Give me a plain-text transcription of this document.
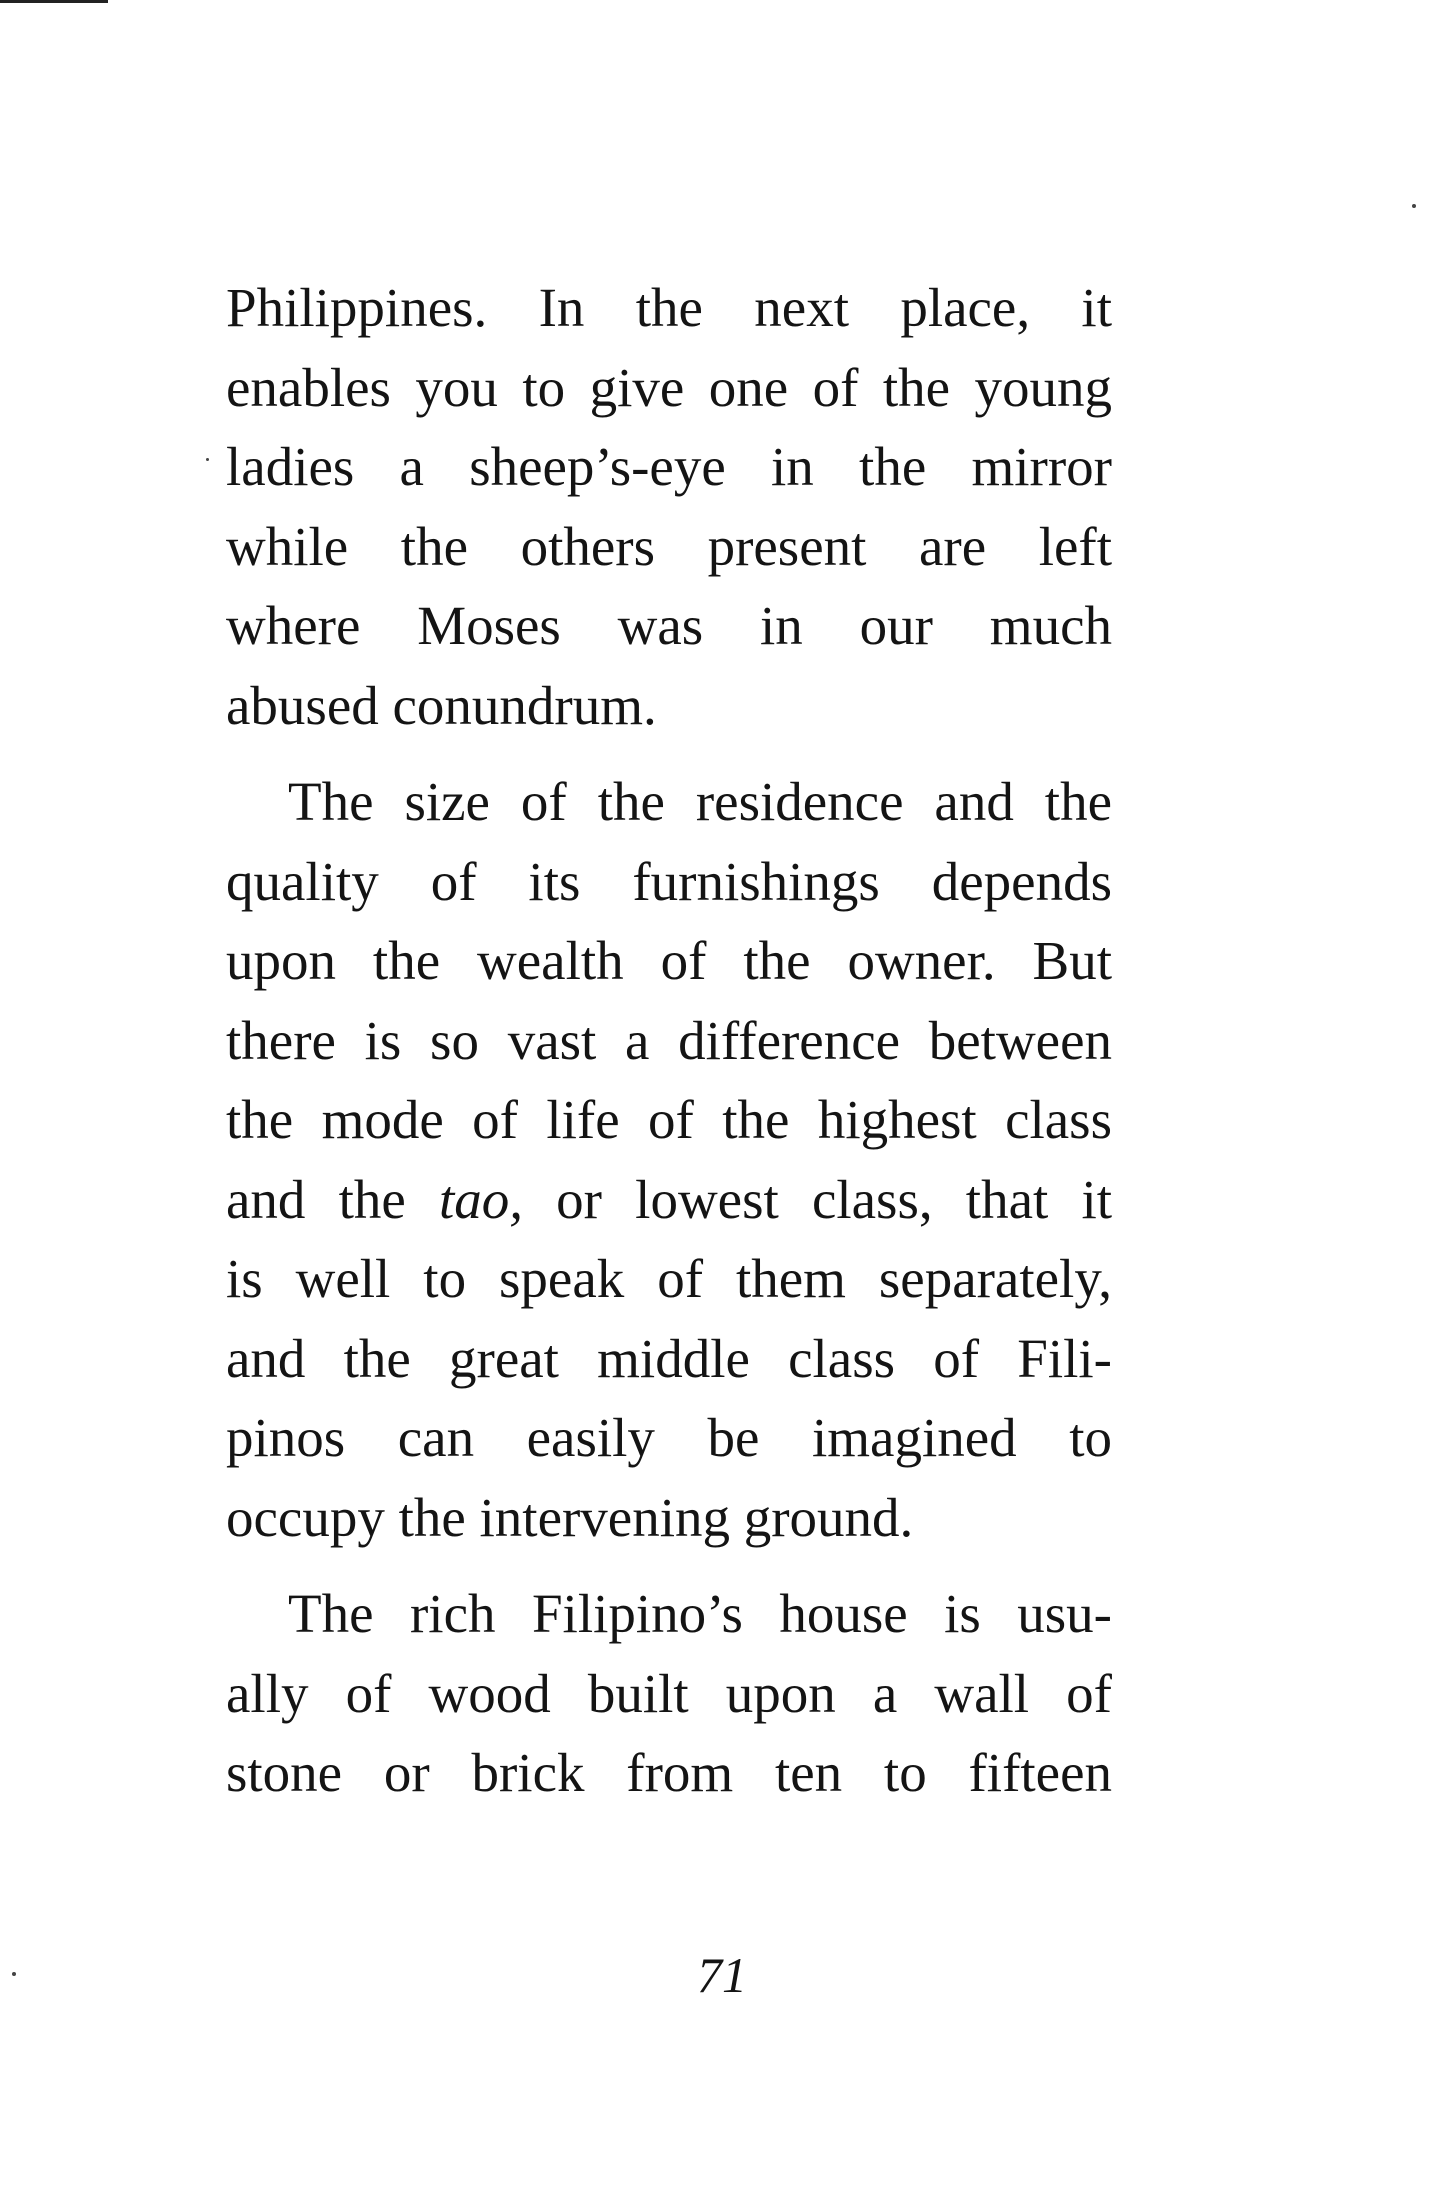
Philippines. In the next place, it
enables you to give one of the young
ladies a sheep’s-eye in the mirror
while the others present are left
where Moses was in our much
abused conundrum.

The size of the residence and the
quality of its furnishings depends
upon the wealth of the owner. But
there is so vast a difference between
the mode of life of the highest class
and the tao, or lowest class, that it
is well to speak of them separately,
and the great middle class of Fili-
pinos can easily be imagined to
occupy the intervening ground.

The rich Filipino’s house is usu-
ally of wood built upon a wall of
stone or brick from ten to fifteen

71
